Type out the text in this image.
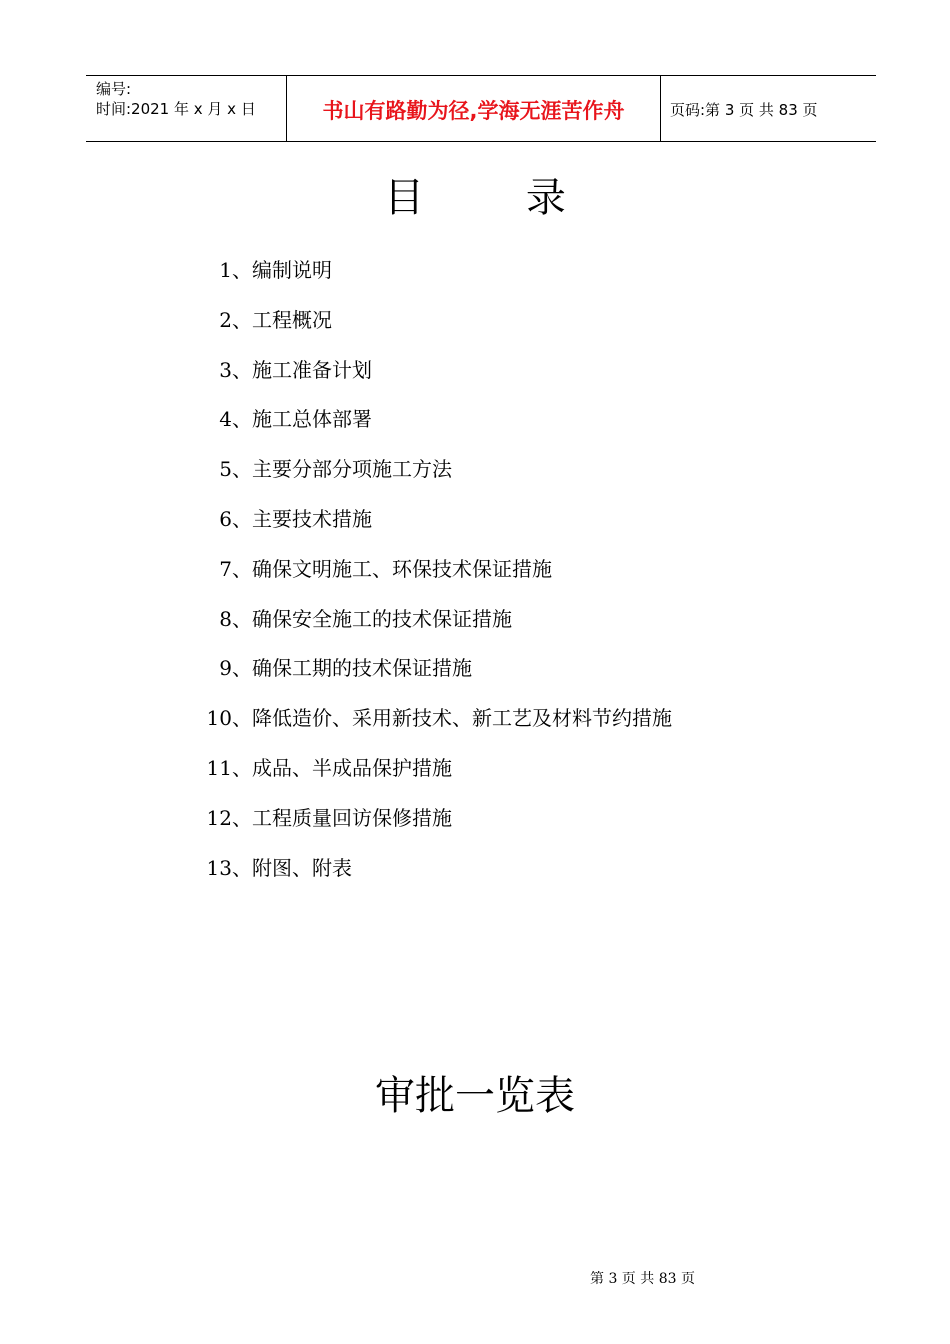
编号:
时间:2021 年 x 月 x 日	书山有路勤为径,学海无涯苦作舟	页码:第 3 页 共 83 页
目        录
1、 编制说明
2、 工程概况
3、 施工准备计划
4、 施工总体部署
5、 主要分部分项施工方法
6、 主要技术措施
7、 确保文明施工、环保技术保证措施
8、 确保安全施工的技术保证措施
9、 确保工期的技术保证措施
10、 降低造价、采用新技术、新工艺及材料节约措施
11、 成品、半成品保护措施
12、 工程质量回访保修措施
13、 附图、附表
审批一览表
第 3 页 共 83 页
